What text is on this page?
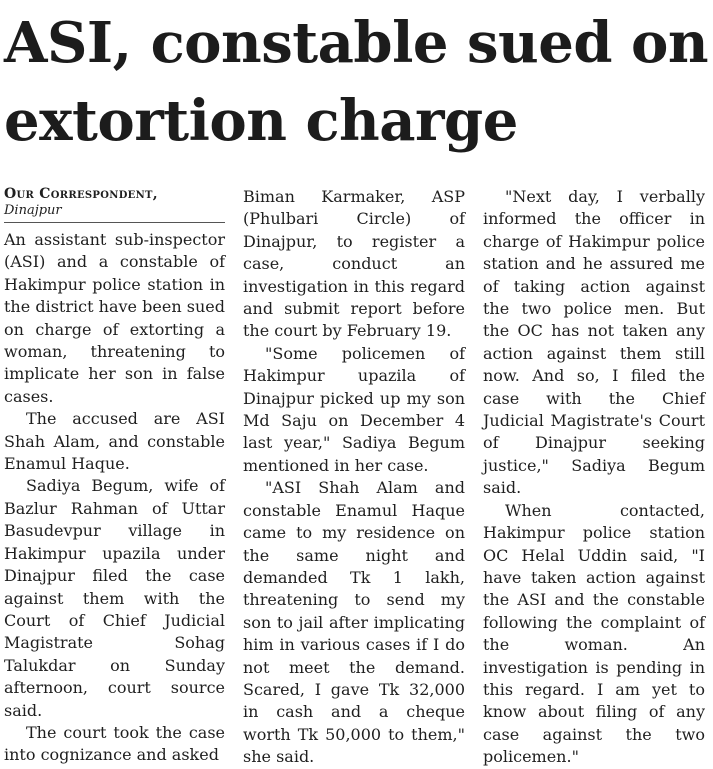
ASI, constable sued on
extortion charge
Our Correspondent,
Dinajpur

An assistant sub-inspector (ASI) and a constable of Hakimpur police station in the district have been sued on charge of extorting a woman, threatening to implicate her son in false cases.

The accused are ASI Shah Alam, and constable Enamul Haque.

Sadiya Begum, wife of Bazlur Rahman of Uttar Basudevpur village in Hakimpur upazila under Dinajpur filed the case against them with the Court of Chief Judicial Magistrate Sohag Talukdar on Sunday afternoon, court source said.

The court took the case into cognizance and asked

Biman Karmaker, ASP (Phulbari Circle) of Dinajpur, to register a case, conduct an investigation in this regard and submit report before the court by February 19.

"Some policemen of Hakimpur upazila of Dinajpur picked up my son Md Saju on December 4 last year," Sadiya Begum mentioned in her case.

"ASI Shah Alam and constable Enamul Haque came to my residence on the same night and demanded Tk 1 lakh, threatening to send my son to jail after implicating him in various cases if I do not meet the demand. Scared, I gave Tk 32,000 in cash and a cheque worth Tk 50,000 to them," she said.

"Next day, I verbally informed the officer in charge of Hakimpur police station and he assured me of taking action against the two police men. But the OC has not taken any action against them still now. And so, I filed the case with the Chief Judicial Magistrate's Court of Dinajpur seeking justice," Sadiya Begum said.

When contacted, Hakimpur police station OC Helal Uddin said, "I have taken action against the ASI and the constable following the complaint of the woman. An investigation is pending in this regard. I am yet to know about filing of any case against the two policemen."
